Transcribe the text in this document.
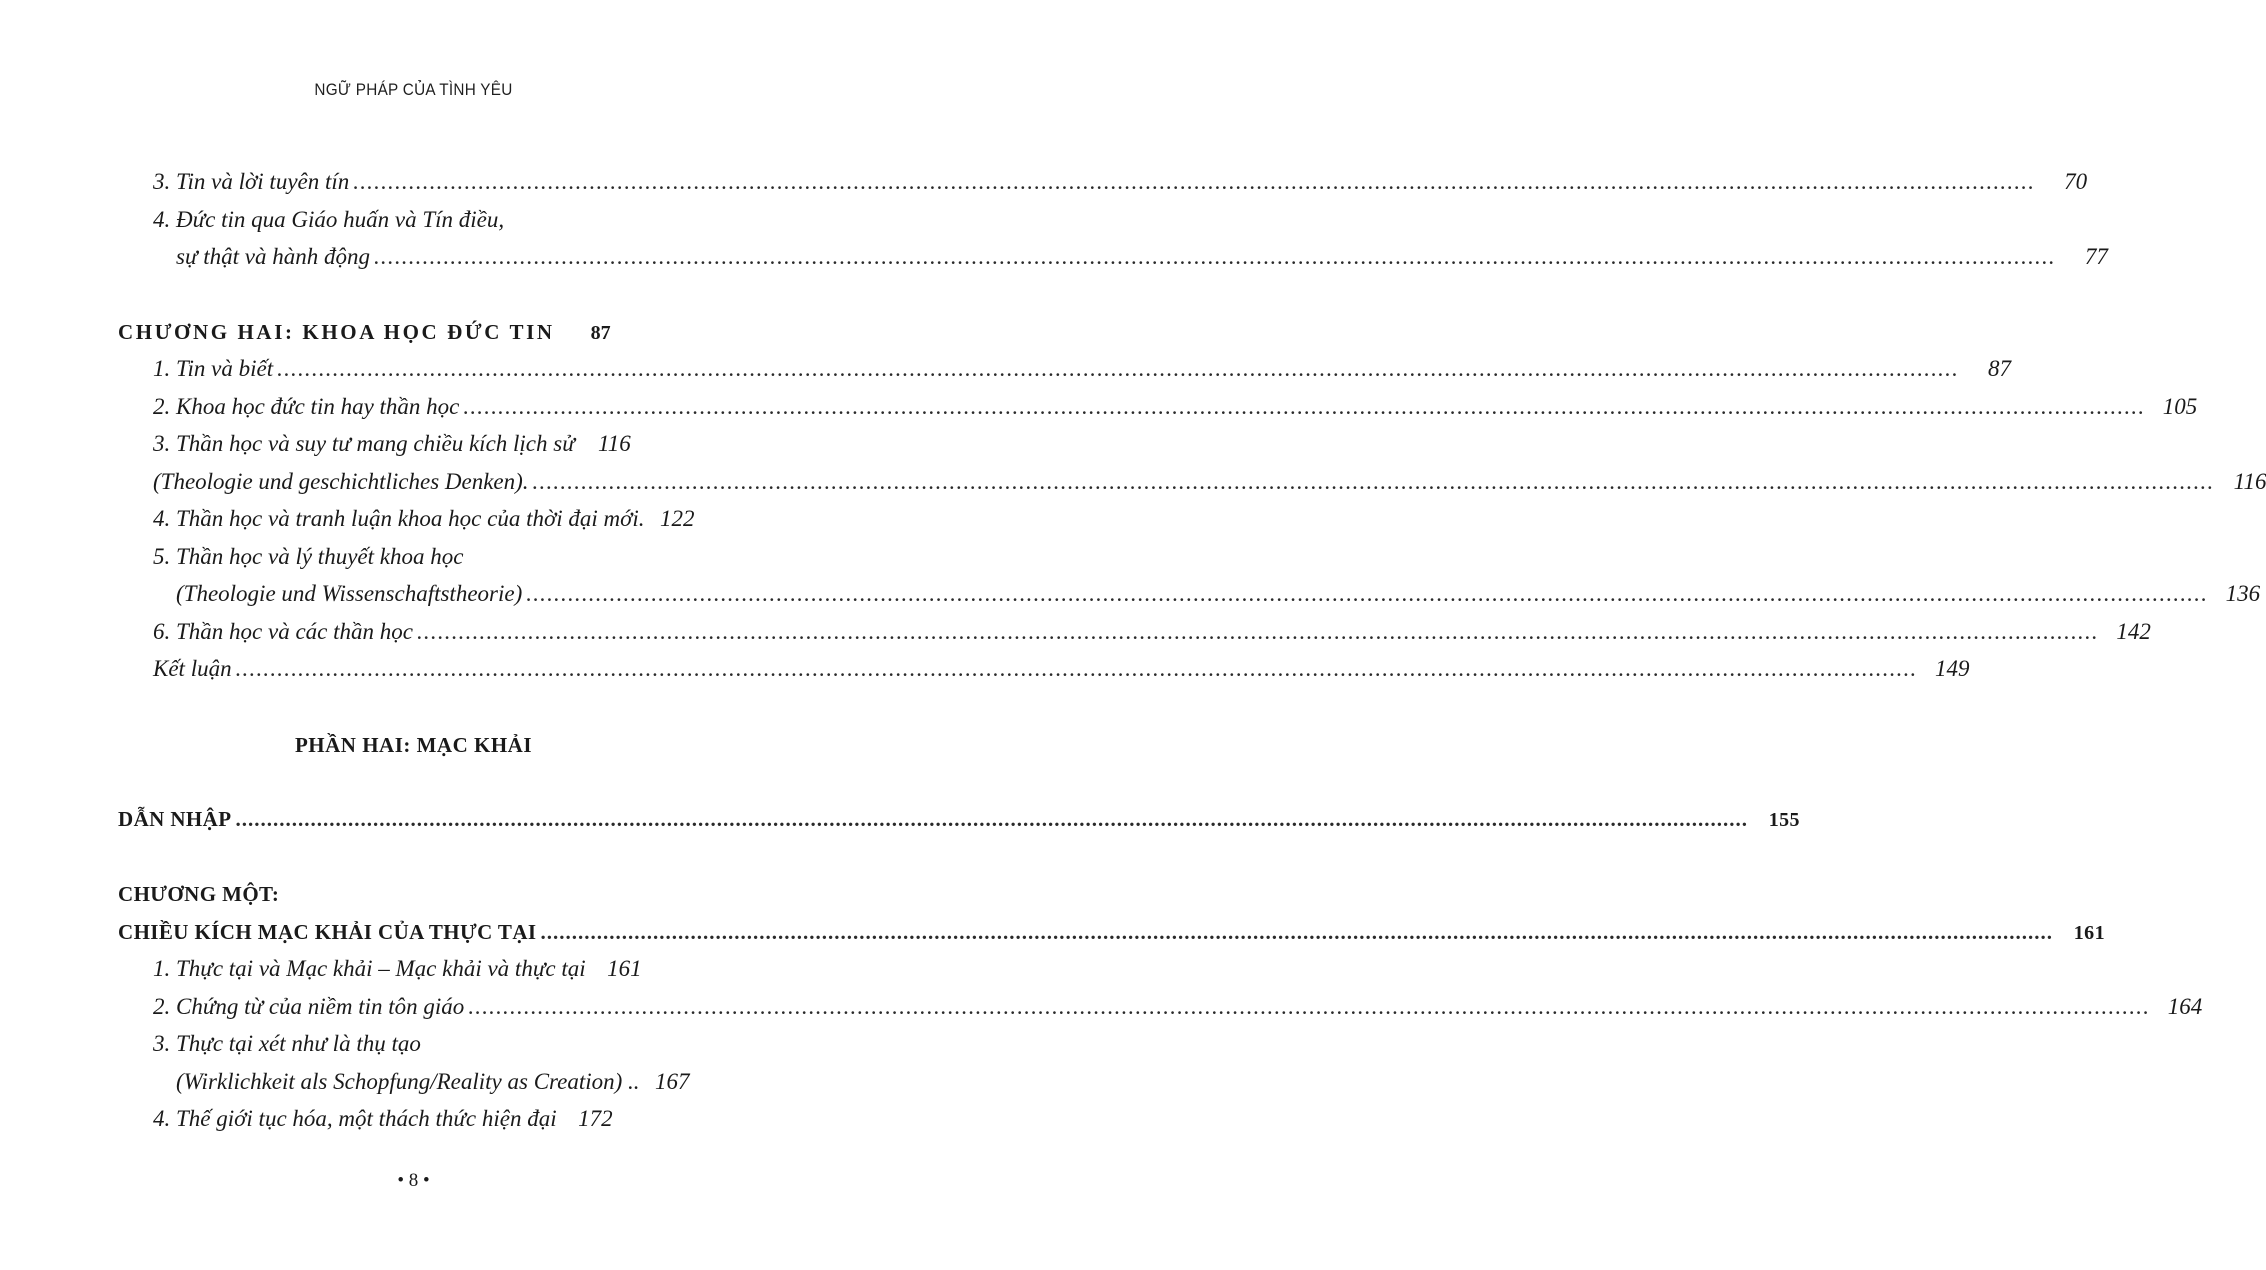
NGỮ PHÁP CỦA TÌNH YÊU
3. Tin và lời tuyên tín .....	70
4. Đức tin qua Giáo huấn và Tín điều,
sự thật và hành động .....	77
CHƯƠNG HAI: KHOA HỌC ĐỨC TIN	87
1. Tin và biết .....	87
2. Khoa học đức tin hay thần học .....	105
3. Thần học và suy tư mang chiều kích lịch sử	116
(Theologie und geschichtliches Denken). .....	116
4. Thần học và tranh luận khoa học của thời đại mới. 122
5. Thần học và lý thuyết khoa học
(Theologie und Wissenschaftstheorie) .....	136
6. Thần học và các thần học .....	142
Kết luận .....	149
PHẦN HAI: MẠC KHẢI
DẪN NHẬP .....	155
CHƯƠNG MỘT:
CHIỀU KÍCH MẠC KHẢI CỦA THỰC TẠI .....	161
1. Thực tại và Mạc khải – Mạc khải và thực tại 161
2. Chứng từ của niềm tin tôn giáo .....	164
3. Thực tại xét như là thụ tạo
(Wirklichkeit als Schopfung/Reality as Creation) .. 167
4. Thế giới tục hóa, một thách thức hiện đại 172
• 8 •
